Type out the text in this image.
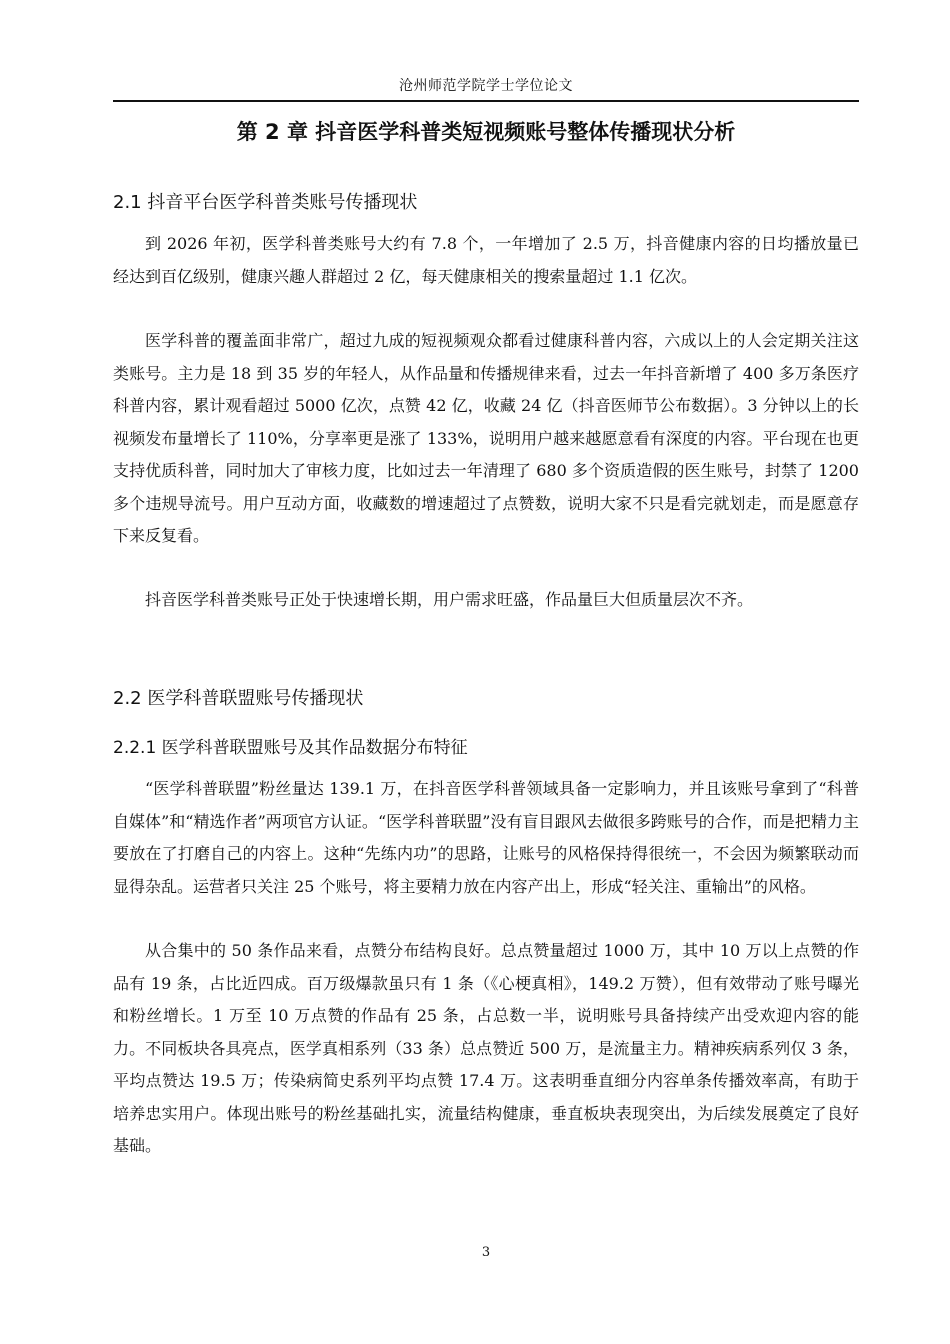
沧州师范学院学士学位论文
第 2 章 抖音医学科普类短视频账号整体传播现状分析
2.1 抖音平台医学科普类账号传播现状

到 2026 年初，医学科普类账号大约有 7.8 个，一年增加了 2.5 万，抖音健康内容的日均播放量已经达到百亿级别，健康兴趣人群超过 2 亿，每天健康相关的搜索量超过 1.1 亿次。

医学科普的覆盖面非常广，超过九成的短视频观众都看过健康科普内容，六成以上的人会定期关注这类账号。主力是 18 到 35 岁的年轻人，从作品量和传播规律来看，过去一年抖音新增了 400 多万条医疗科普内容，累计观看超过 5000 亿次，点赞 42 亿，收藏 24 亿（抖音医师节公布数据）。3 分钟以上的长视频发布量增长了 110%，分享率更是涨了 133%，说明用户越来越愿意看有深度的内容。平台现在也更支持优质科普，同时加大了审核力度，比如过去一年清理了 680 多个资质造假的医生账号，封禁了 1200 多个违规导流号。用户互动方面，收藏数的增速超过了点赞数，说明大家不只是看完就划走，而是愿意存下来反复看。

抖音医学科普类账号正处于快速增长期，用户需求旺盛，作品量巨大但质量层次不齐。

2.2 医学科普联盟账号传播现状
2.2.1 医学科普联盟账号及其作品数据分布特征

“医学科普联盟”粉丝量达 139.1 万，在抖音医学科普领域具备一定影响力，并且该账号拿到了“科普自媒体”和“精选作者”两项官方认证。“医学科普联盟”没有盲目跟风去做很多跨账号的合作，而是把精力主要放在了打磨自己的内容上。这种“先练内功”的思路，让账号的风格保持得很统一，不会因为频繁联动而显得杂乱。运营者只关注 25 个账号，将主要精力放在内容产出上，形成“轻关注、重输出”的风格。

从合集中的 50 条作品来看，点赞分布结构良好。总点赞量超过 1000 万，其中 10 万以上点赞的作品有 19 条，占比近四成。百万级爆款虽只有 1 条（《心梗真相》，149.2 万赞），但有效带动了账号曝光和粉丝增长。1 万至 10 万点赞的作品有 25 条，占总数一半，说明账号具备持续产出受欢迎内容的能力。不同板块各具亮点，医学真相系列（33 条）总点赞近 500 万，是流量主力。精神疾病系列仅 3 条，平均点赞达 19.5 万；传染病简史系列平均点赞 17.4 万。这表明垂直细分内容单条传播效率高，有助于培养忠实用户。体现出账号的粉丝基础扎实，流量结构健康，垂直板块表现突出，为后续发展奠定了良好基础。

3
